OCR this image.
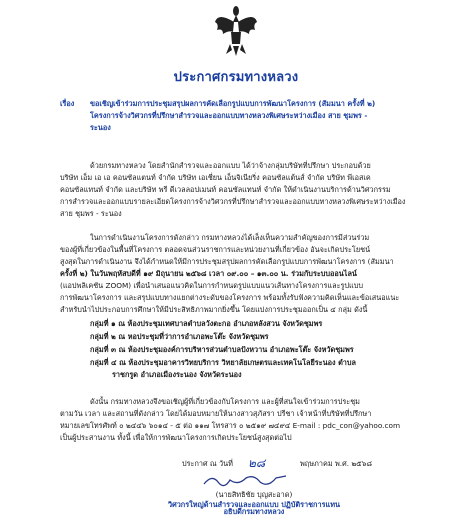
ประกาศกรมทางหลวง
เรื่อง ขอเชิญเข้าร่วมการประชุมสรุปผลการคัดเลือกรูปแบบการพัฒนาโครงการ (สัมมนา ครั้งที่ ๒)
โครงการจ้างวิศวกรที่ปรึกษาสำรวจและออกแบบทางหลวงพิเศษระหว่างเมือง สาย ชุมพร -
ระนอง
ด้วยกรมทางหลวง โดยสำนักสำรวจและออกแบบ ได้ว่าจ้างกลุ่มบริษัทที่ปรึกษา ประกอบด้วย
บริษัท เอ็ม เอ เอ คอนซัลแตนท์ จำกัด บริษัท เอเชี่ยน เอ็นจิเนียริ่ง คอนซัลแต้นส์ จำกัด บริษัท พีเอสเค
คอนซัลแทนท์ จำกัด และบริษัท พรี ดีเวลลอปเมนท์ คอนซัลแทนท์ จำกัด ให้ดำเนินงานบริการด้านวิศวกรรม
การสำรวจและออกแบบรายละเอียดโครงการจ้างวิศวกรที่ปรึกษาสำรวจและออกแบบทางหลวงพิเศษระหว่างเมือง
สาย ชุมพร - ระนอง
ในการดำเนินงานโครงการดังกล่าว กรมทางหลวงได้เล็งเห็นความสำคัญของการมีส่วนร่วม
ของผู้ที่เกี่ยวข้องในพื้นที่โครงการ ตลอดจนส่วนราชการและหน่วยงานที่เกี่ยวข้อง อันจะเกิดประโยชน์
สูงสุดในการดำเนินงาน จึงได้กำหนดให้มีการประชุมสรุปผลการคัดเลือกรูปแบบการพัฒนาโครงการ (สัมมนา
ครั้งที่ ๒) ในวันพฤหัสบดีที่ ๑๙ มิถุนายน ๒๕๖๘ เวลา ๐๙.๐๐ – ๑๓.๐๐ น. ร่วมกับระบบออนไลน์
(แอปพลิเคชัน ZOOM) เพื่อนำเสนอแนวคิดในการกำหนดรูปแบบแนวเส้นทางโครงการและรูปแบบ
การพัฒนาโครงการ และสรุปแบบทางแยกต่างระดับของโครงการ พร้อมทั้งรับฟังความคิดเห็นและข้อเสนอแนะ
สำหรับนำไปประกอบการศึกษาให้มีประสิทธิภาพมากยิ่งขึ้น โดยแบ่งการประชุมออกเป็น ๔ กลุ่ม ดังนี้
กลุ่มที่ ๑ ณ ห้องประชุมเทศบาลตำบลวังตะกอ อำเภอหลังสวน จังหวัดชุมพร
กลุ่มที่ ๒ ณ หอประชุมที่ว่าการอำเภอพะโต๊ะ จังหวัดชุมพร
กลุ่มที่ ๓ ณ ห้องประชุมองค์การบริหารส่วนตำบลปังหวาน อำเภอพะโต๊ะ จังหวัดชุมพร
กลุ่มที่ ๔ ณ ห้องประชุมอาคารวิทยบริการ วิทยาลัยเกษตรและเทคโนโลยีระนอง ตำบล
ราชกรูด อำเภอเมืองระนอง จังหวัดระนอง
ดังนั้น กรมทางหลวงจึงขอเชิญผู้ที่เกี่ยวข้องกับโครงการ และผู้ที่สนใจเข้าร่วมการประชุม
ตามวัน เวลา และสถานที่ดังกล่าว โดยได้มอบหมายให้นางสาวสุภัสรา ปรีชา เจ้าหน้าที่บริษัทที่ปรึกษา
หมายเลขโทรศัพท์ ๐ ๒๔๔๖ ๖๐๑๔ - ๕ ต่อ ๑๑๗ โทรสาร ๐ ๒๕๑๙ ๗๔๙๔ E-mail : pdc_con@yahoo.com
เป็นผู้ประสานงาน ทั้งนี้ เพื่อให้การพัฒนาโครงการเกิดประโยชน์สูงสุดต่อไป
ประกาศ ณ วันที่ ๒๘	พฤษภาคม พ.ศ. ๒๕๖๘
(นายสิทธิชัย บุญสะอาด)
วิศวกรใหญ่ด้านสำรวจและออกแบบ ปฏิบัติราชการแทน
อธิบดีกรมทางหลวง
